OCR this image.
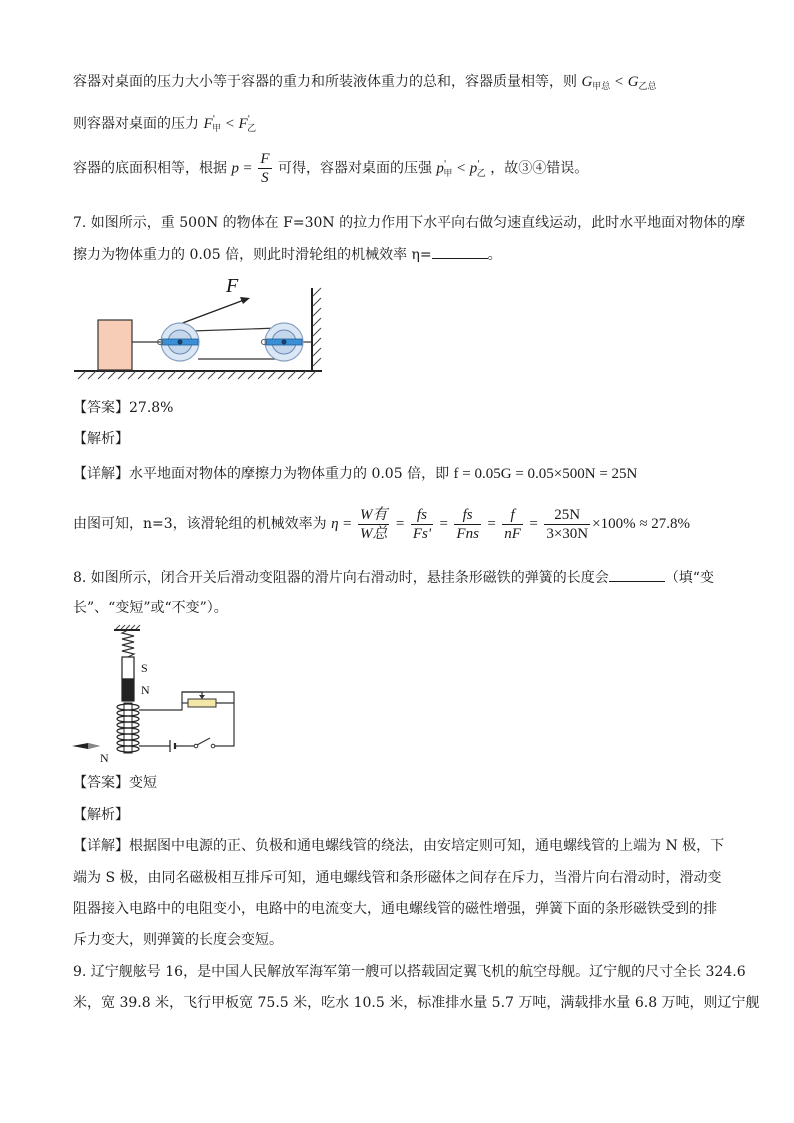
容器对桌面的压力大小等于容器的重力和所装液体重力的总和，容器质量相等，则 $G_{甲总} < G_{乙总}$
则容器对桌面的压力 $F'_甲 < F'_乙$
容器的底面积相等，根据 $p = \frac{F}{S}$ 可得，容器对桌面的压强 $p'_甲 < p'_乙$ ，故③④错误。
7. 如图所示，重 500N 的物体在 F=30N 的拉力作用下水平向右做匀速直线运动，此时水平地面对物体的摩
擦力为物体重力的 0.05 倍，则此时滑轮组的机械效率 η=	。
F
【答案】27.8%
【解析】
【详解】水平地面对物体的摩擦力为物体重力的 0.05 倍，即 f = 0.05G = 0.05×500N = 25N
由图可知，n=3，该滑轮组的机械效率为 $\eta = \frac{\text{W有}}{\text{W总}} = \frac{fs}{Fs'} = \frac{fs}{\text{Fns}} = \frac{f}{nF} = \frac{25N}{3\times 30N} \times 100\% \approx 27.8\%$
8. 如图所示，闭合开关后滑动变阻器的滑片向右滑动时，悬挂条形磁铁的弹簧的长度会	（填“变
长”、“变短”或“不变”）。
S
N
N
【答案】变短
【解析】
【详解】根据图中电源的正、负极和通电螺线管的绕法，由安培定则可知，通电螺线管的上端为 N 极，下
端为 S 极，由同名磁极相互排斥可知，通电螺线管和条形磁体之间存在斥力，当滑片向右滑动时，滑动变
阻器接入电路中的电阻变小，电路中的电流变大，通电螺线管的磁性增强，弹簧下面的条形磁铁受到的排
斥力变大，则弹簧的长度会变短。
9. 辽宁舰舷号 16，是中国人民解放军海军第一艘可以搭载固定翼飞机的航空母舰。辽宁舰的尺寸全长 324.6
米，宽 39.8 米，飞行甲板宽 75.5 米，吃水 10.5 米，标准排水量 5.7 万吨，满载排水量 6.8 万吨，则辽宁舰
